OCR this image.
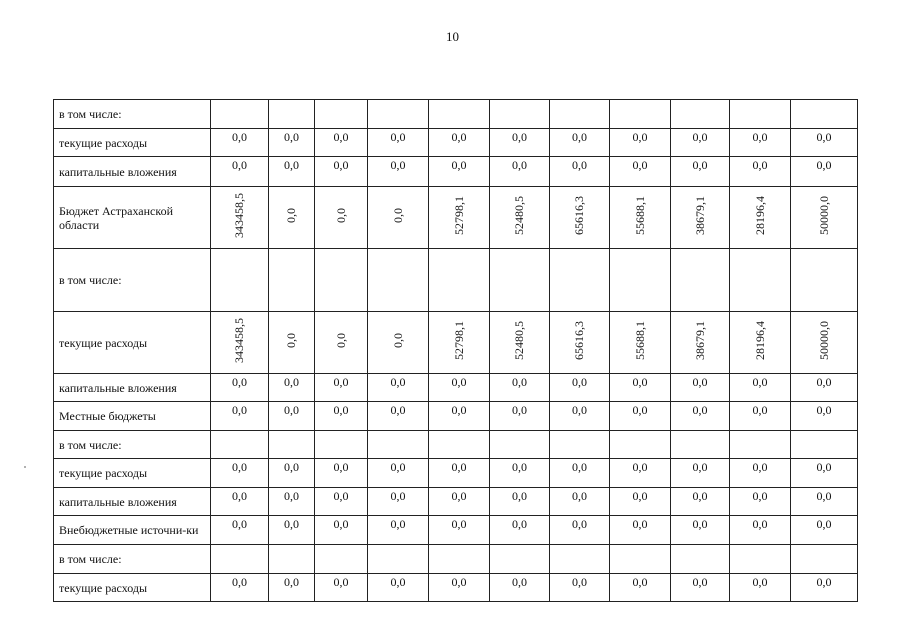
10
в том числе:											
текущие расходы	0,0	0,0	0,0	0,0	0,0	0,0	0,0	0,0	0,0	0,0	0,0
капитальные вложения	0,0	0,0	0,0	0,0	0,0	0,0	0,0	0,0	0,0	0,0	0,0
Бюджет Астраханской области	343458,5	0,0	0,0	0,0	52798,1	52480,5	65616,3	55688,1	38679,1	28196,4	50000,0
в том числе:											
текущие расходы	343458,5	0,0	0,0	0,0	52798,1	52480,5	65616,3	55688,1	38679,1	28196,4	50000,0
капитальные вложения	0,0	0,0	0,0	0,0	0,0	0,0	0,0	0,0	0,0	0,0	0,0
Местные бюджеты	0,0	0,0	0,0	0,0	0,0	0,0	0,0	0,0	0,0	0,0	0,0
в том числе:											
текущие расходы	0,0	0,0	0,0	0,0	0,0	0,0	0,0	0,0	0,0	0,0	0,0
капитальные вложения	0,0	0,0	0,0	0,0	0,0	0,0	0,0	0,0	0,0	0,0	0,0
Внебюджетные источни-ки	0,0	0,0	0,0	0,0	0,0	0,0	0,0	0,0	0,0	0,0	0,0
в том числе:											
текущие расходы	0,0	0,0	0,0	0,0	0,0	0,0	0,0	0,0	0,0	0,0	0,0
